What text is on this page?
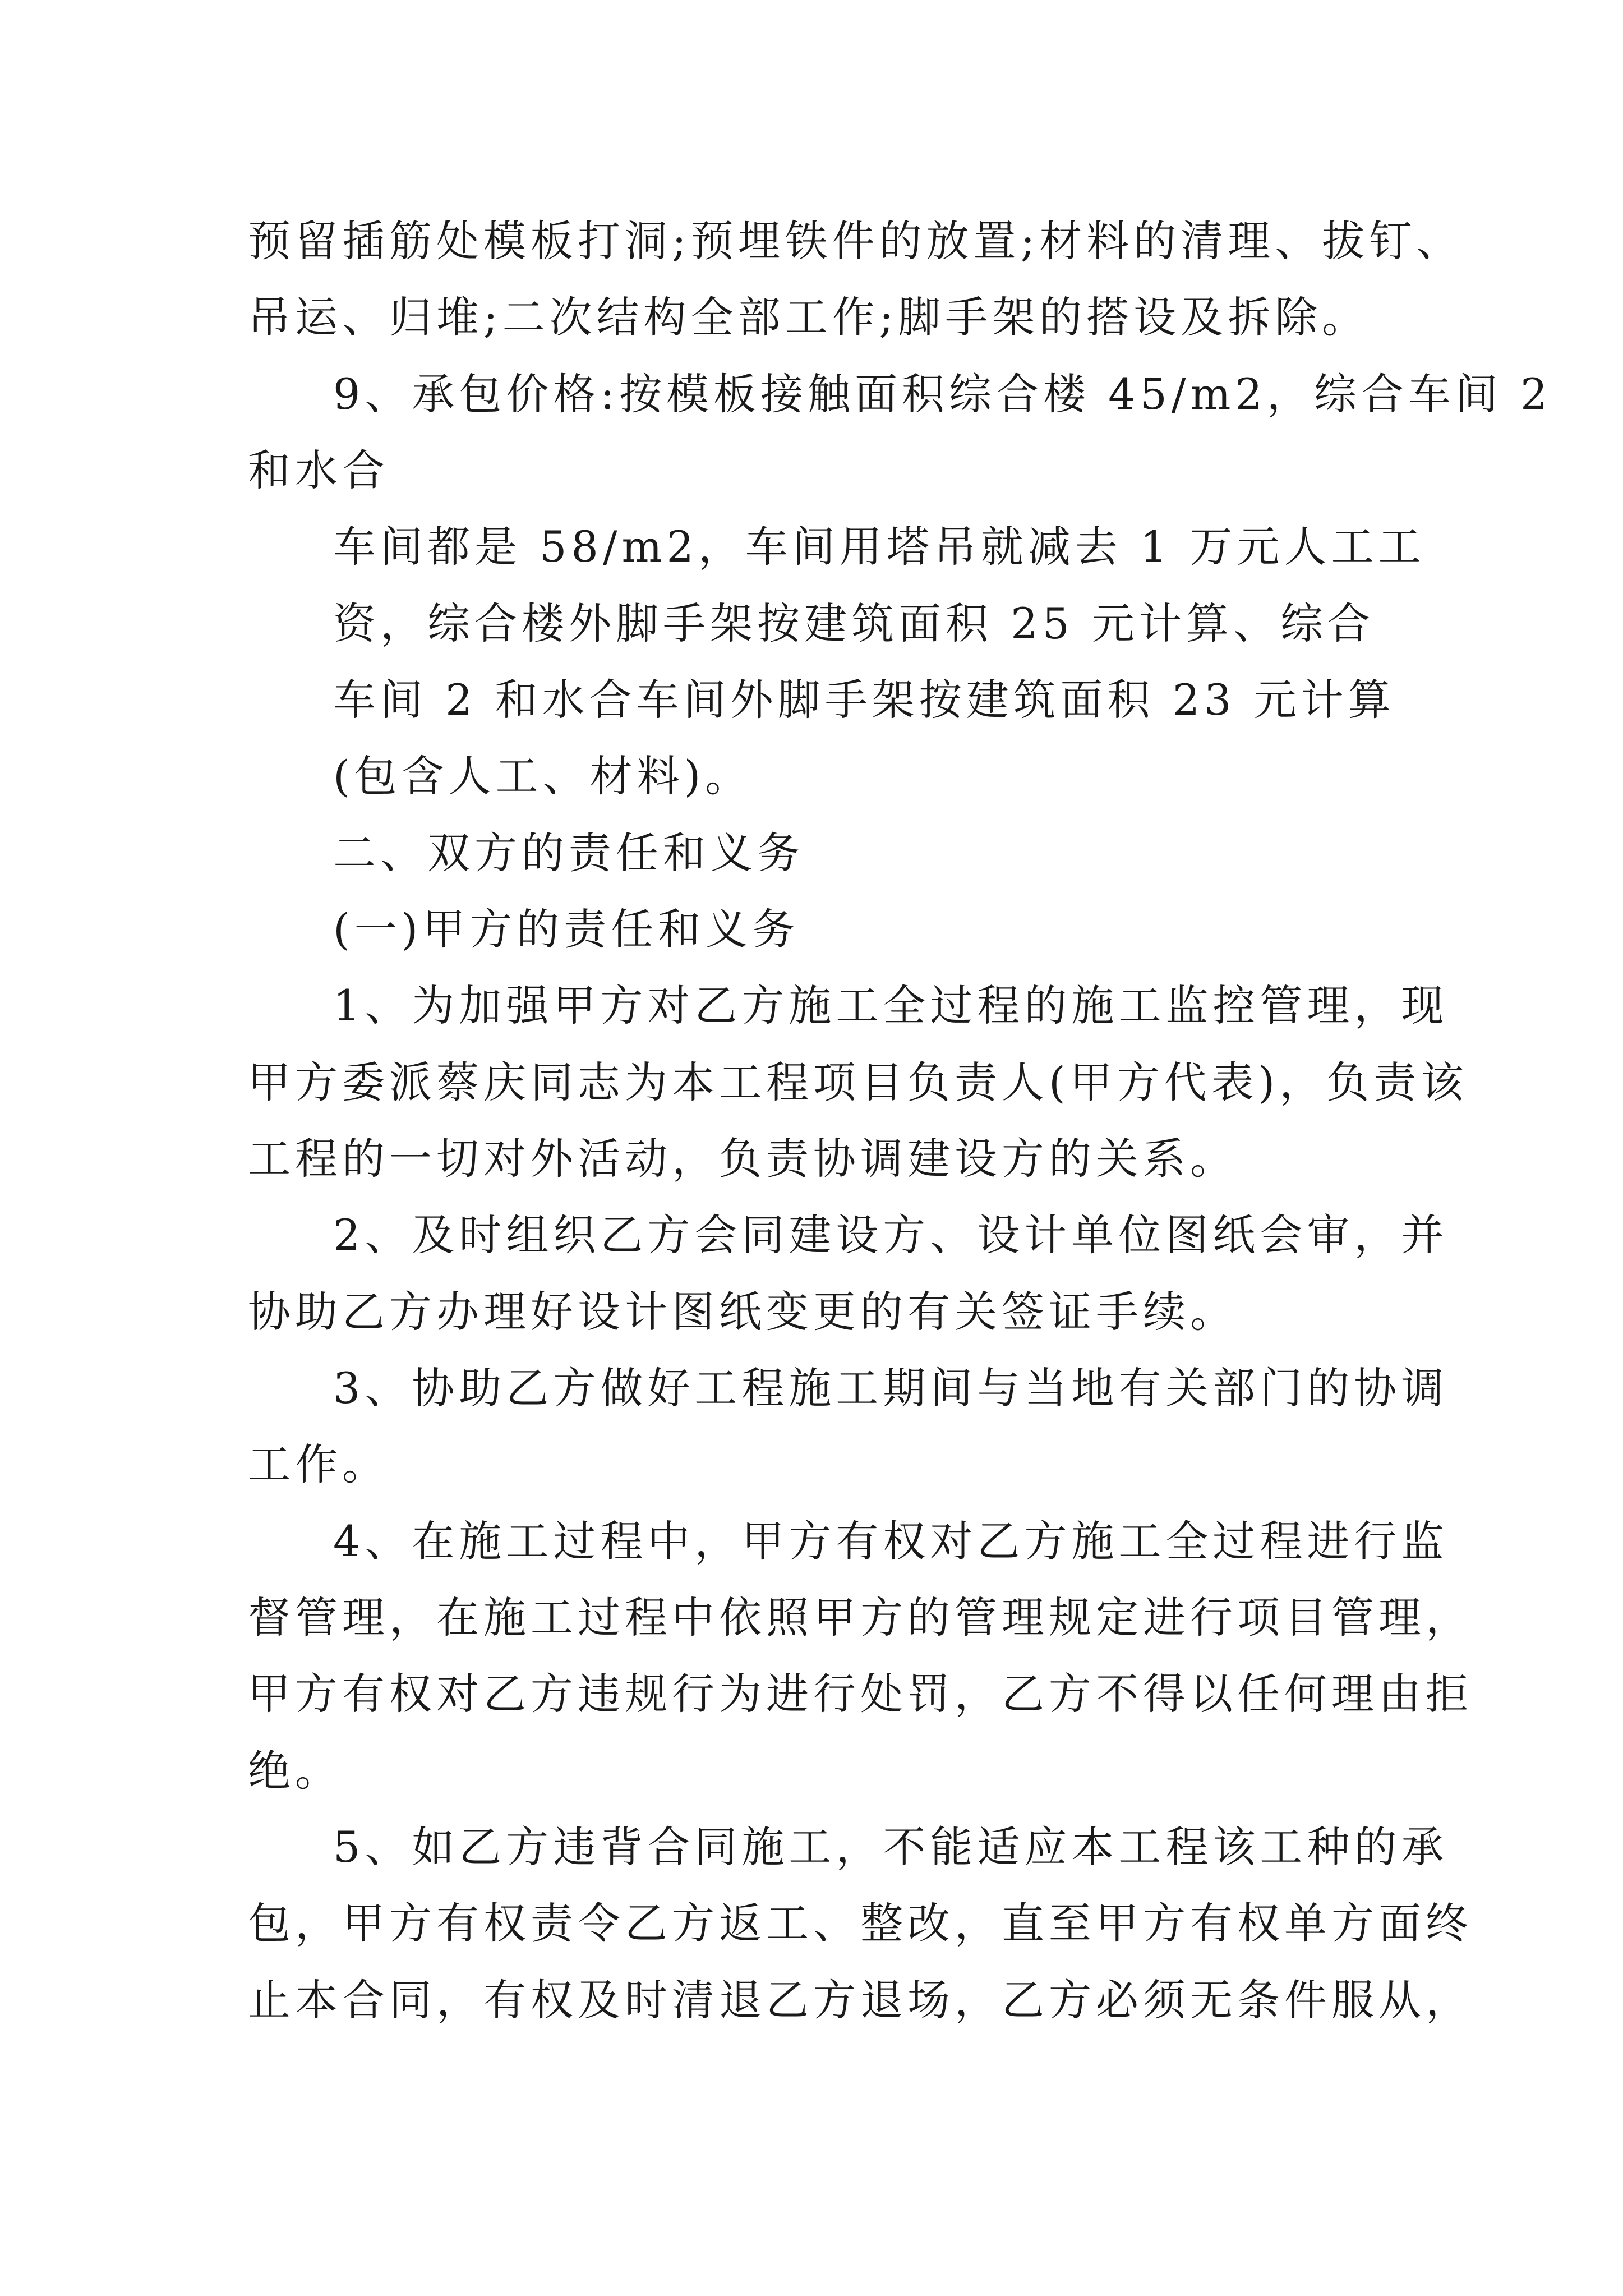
预留插筋处模板打洞;预埋铁件的放置;材料的清理、拔钉、

吊运、归堆;二次结构全部工作;脚手架的搭设及拆除。

9、承包价格:按模板接触面积综合楼 45/m2，综合车间 2

和水合

车间都是 58/m2，车间用塔吊就减去 1 万元人工工

资，综合楼外脚手架按建筑面积 25 元计算、综合

车间 2 和水合车间外脚手架按建筑面积 23 元计算

(包含人工、材料)。

二、双方的责任和义务

(一)甲方的责任和义务

1、为加强甲方对乙方施工全过程的施工监控管理，现

甲方委派蔡庆同志为本工程项目负责人(甲方代表)，负责该

工程的一切对外活动，负责协调建设方的关系。

2、及时组织乙方会同建设方、设计单位图纸会审，并

协助乙方办理好设计图纸变更的有关签证手续。

3、协助乙方做好工程施工期间与当地有关部门的协调

工作。

4、在施工过程中，甲方有权对乙方施工全过程进行监

督管理，在施工过程中依照甲方的管理规定进行项目管理，

甲方有权对乙方违规行为进行处罚，乙方不得以任何理由拒

绝。

5、如乙方违背合同施工，不能适应本工程该工种的承

包，甲方有权责令乙方返工、整改，直至甲方有权单方面终

止本合同，有权及时清退乙方退场，乙方必须无条件服从，
